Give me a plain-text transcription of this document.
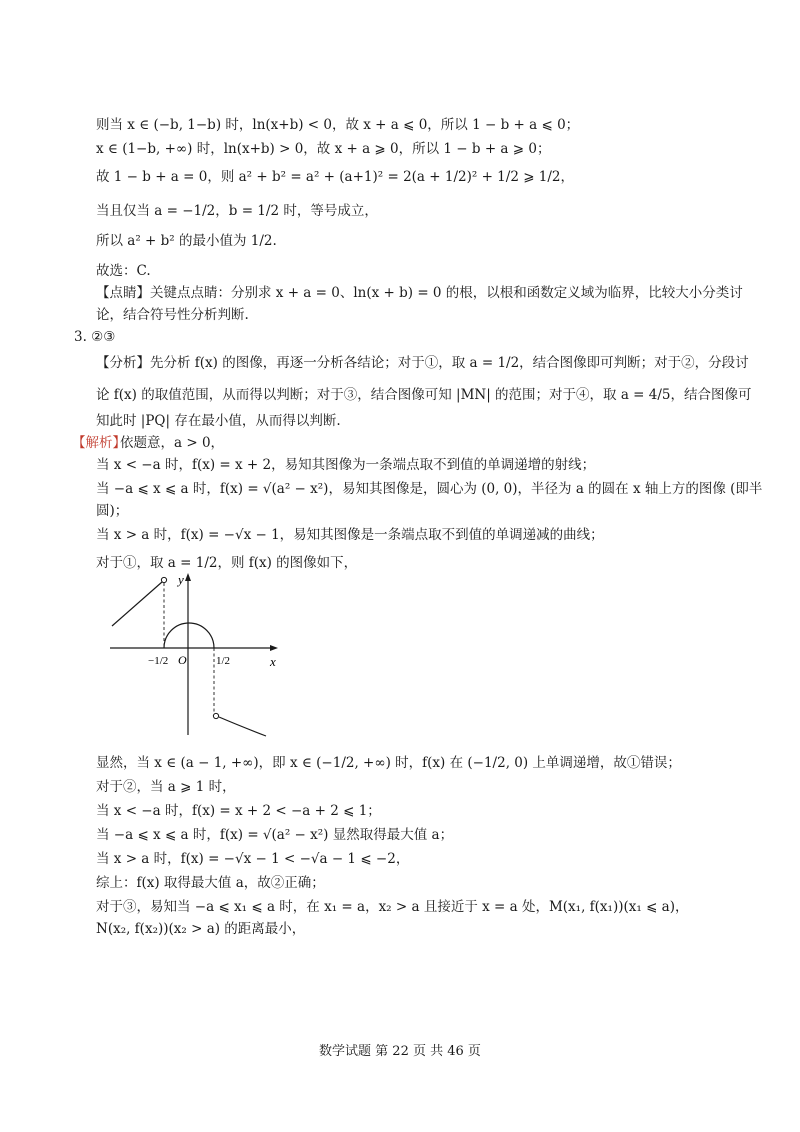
则当 x ∈ (−b, 1−b) 时，ln(x+b) < 0，故 x + a ⩽ 0，所以 1 − b + a ⩽ 0；
x ∈ (1−b, +∞) 时，ln(x+b) > 0，故 x + a ⩾ 0，所以 1 − b + a ⩾ 0；
故 1 − b + a = 0，则 a² + b² = a² + (a+1)² = 2(a + 1/2)² + 1/2 ⩾ 1/2，
当且仅当 a = −1/2，b = 1/2 时，等号成立，
所以 a² + b² 的最小值为 1/2.
故选：C.
【点睛】关键点点睛：分别求 x + a = 0、ln(x + b) = 0 的根，以根和函数定义域为临界，比较大小分类讨
论，结合符号性分析判断.
3. ②③
【分析】先分析 f(x) 的图像，再逐一分析各结论；对于①，取 a = 1/2，结合图像即可判断；对于②，分段讨
论 f(x) 的取值范围，从而得以判断；对于③，结合图像可知 |MN| 的范围；对于④，取 a = 4/5，结合图像可
知此时 |PQ| 存在最小值，从而得以判断.
【解析】
依题意，a > 0，
当 x < −a 时，f(x) = x + 2，易知其图像为一条端点取不到值的单调递增的射线；
当 −a ⩽ x ⩽ a 时，f(x) = √(a² − x²)，易知其图像是，圆心为 (0, 0)，半径为 a 的圆在 x 轴上方的图像 (即半
圆)；
当 x > a 时，f(x) = −√x − 1，易知其图像是一条端点取不到值的单调递减的曲线；
对于①，取 a = 1/2，则 f(x) 的图像如下，
显然，当 x ∈ (a − 1, +∞)，即 x ∈ (−1/2, +∞) 时，f(x) 在 (−1/2, 0) 上单调递增，故①错误；
对于②，当 a ⩾ 1 时，
当 x < −a 时，f(x) = x + 2 < −a + 2 ⩽ 1；
当 −a ⩽ x ⩽ a 时，f(x) = √(a² − x²) 显然取得最大值 a；
当 x > a 时，f(x) = −√x − 1 < −√a − 1 ⩽ −2，
综上：f(x) 取得最大值 a，故②正确；
对于③，易知当 −a ⩽ x₁ ⩽ a 时，在 x₁ = a，x₂ > a 且接近于 x = a 处，M(x₁, f(x₁))(x₁ ⩽ a)，
N(x₂, f(x₂))(x₂ > a) 的距离最小，
y
x
O
−1/2	1/2
数学试题 第 22 页 共 46 页
